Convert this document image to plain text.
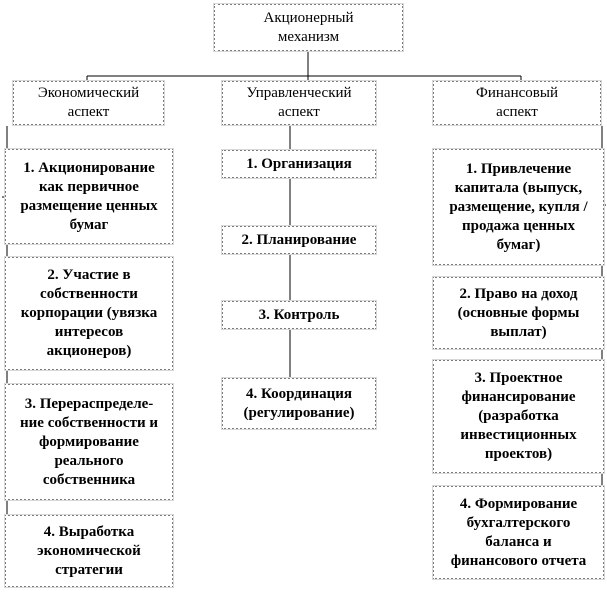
Акционерный
механизм
Экономический
аспект
Управленческий
аспект
Финансовый
аспект
1. Акционирование
как первичное
размещение ценных
бумаг
2. Участие в
собственности
корпорации (увязка
интересов
акционеров)
3. Перераспределе-
ние собственности и
формирование
реального
собственника
4. Выработка
экономической
стратегии
1. Организация
2. Планирование
3. Контроль
4. Координация
(регулирование)
1. Привлечение
капитала (выпуск,
размещение, купля /
продажа ценных
бумаг)
2. Право на доход
(основные формы
выплат)
3. Проектное
финансирование
(разработка
инвестиционных
проектов)
4. Формирование
бухгалтерского
баланса и
финансового отчета
